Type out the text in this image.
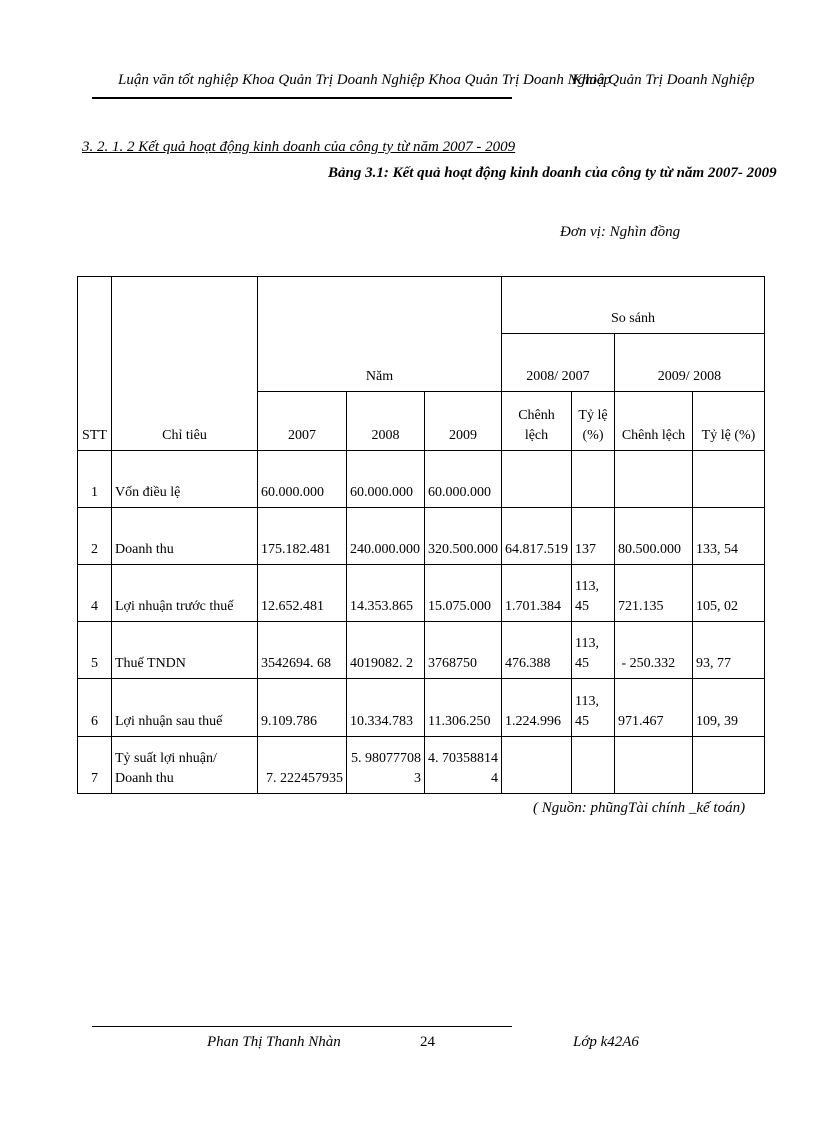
Luận văn tốt nghiệp Khoa Quản Trị Doanh Nghiệp Khoa Quản Trị Doanh Nghiệp
Khoa Quản Trị Doanh Nghiệp
3. 2. 1. 2 Kết quả hoạt động kinh doanh của công ty từ năm 2007 - 2009
Bảng 3.1: Kết quả hoạt động kinh doanh của công ty từ năm 2007- 2009
Đơn vị: Nghìn đồng
STT	Chỉ tiêu	Năm			So sánh			
					2008/ 2007		2009/ 2008	
		2007	2008	2009	Chênh lệch	Tỷ lệ (%)	Chênh lệch	Tỷ lệ (%)
1	Vốn điều lệ	60.000.000	60.000.000	60.000.000				
2	Doanh thu	175.182.481	240.000.000	320.500.000	64.817.519	137	80.500.000	133, 54
4	Lợi nhuận trước thuế	12.652.481	14.353.865	15.075.000	1.701.384	113, 45	721.135	105, 02
5	Thuế TNDN	3542694. 68	4019082. 2	3768750	476.388	113, 45	- 250.332	93, 77
6	Lợi nhuận sau thuế	9.109.786	10.334.783	11.306.250	1.224.996	113, 45	971.467	109, 39
7	Tỷ suất lợi nhuận/ Doanh thu	7. 222457935	5. 980777083	4. 703588144				
( Nguồn: phũngTài chính _kế toán)
Phan Thị Thanh Nhàn	24	Lớp k42A6
